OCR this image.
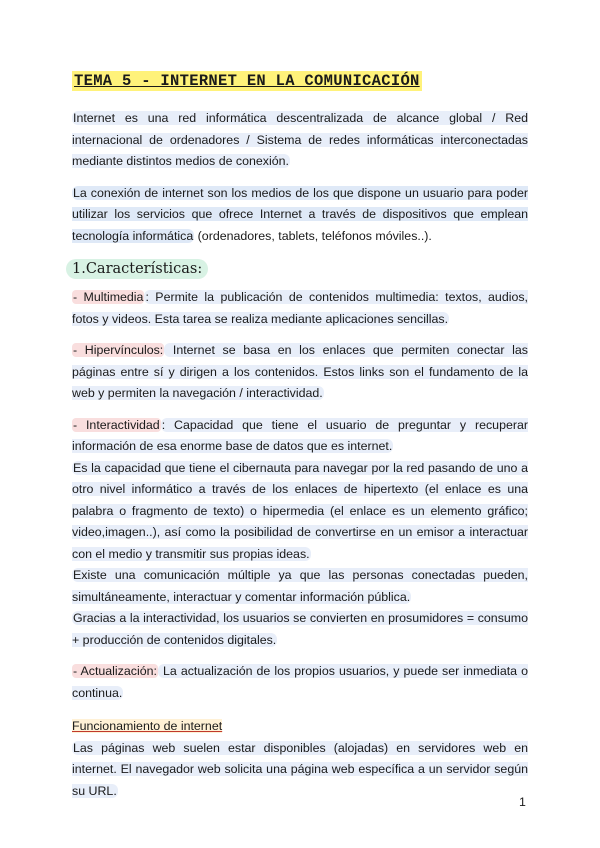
TEMA 5 - INTERNET EN LA COMUNICACIÓN

Internet es una red informática descentralizada de alcance global / Red internacional de ordenadores / Sistema de redes informáticas interconectadas mediante distintos medios de conexión.

La conexión de internet son los medios de los que dispone un usuario para poder utilizar los servicios que ofrece Internet a través de dispositivos que emplean tecnología informática (ordenadores, tablets, teléfonos móviles..).

1.Características:

- Multimedia : Permite la publicación de contenidos multimedia: textos, audios, fotos y videos. Esta tarea se realiza mediante aplicaciones sencillas.

- Hipervínculos: Internet se basa en los enlaces que permiten conectar las páginas entre sí y dirigen a los contenidos. Estos links son el fundamento de la web y permiten la navegación / interactividad.

- Interactividad : Capacidad que tiene el usuario de preguntar y recuperar información de esa enorme base de datos que es internet.

Es la capacidad que tiene el cibernauta para navegar por la red pasando de uno a otro nivel informático a través de los enlaces de hipertexto (el enlace es una palabra o fragmento de texto) o hipermedia (el enlace es un elemento gráfico; video,imagen..), así como la posibilidad de convertirse en un emisor a interactuar con el medio y transmitir sus propias ideas.

Existe una comunicación múltiple ya que las personas conectadas pueden, simultáneamente, interactuar y comentar información pública.

Gracias a la interactividad, los usuarios se convierten en prosumidores = consumo + producción de contenidos digitales.

- Actualización: La actualización de los propios usuarios, y puede ser inmediata o continua.

Funcionamiento de internet

Las páginas web suelen estar disponibles (alojadas) en servidores web en internet. El navegador web solicita una página web específica a un servidor según su URL.

1
